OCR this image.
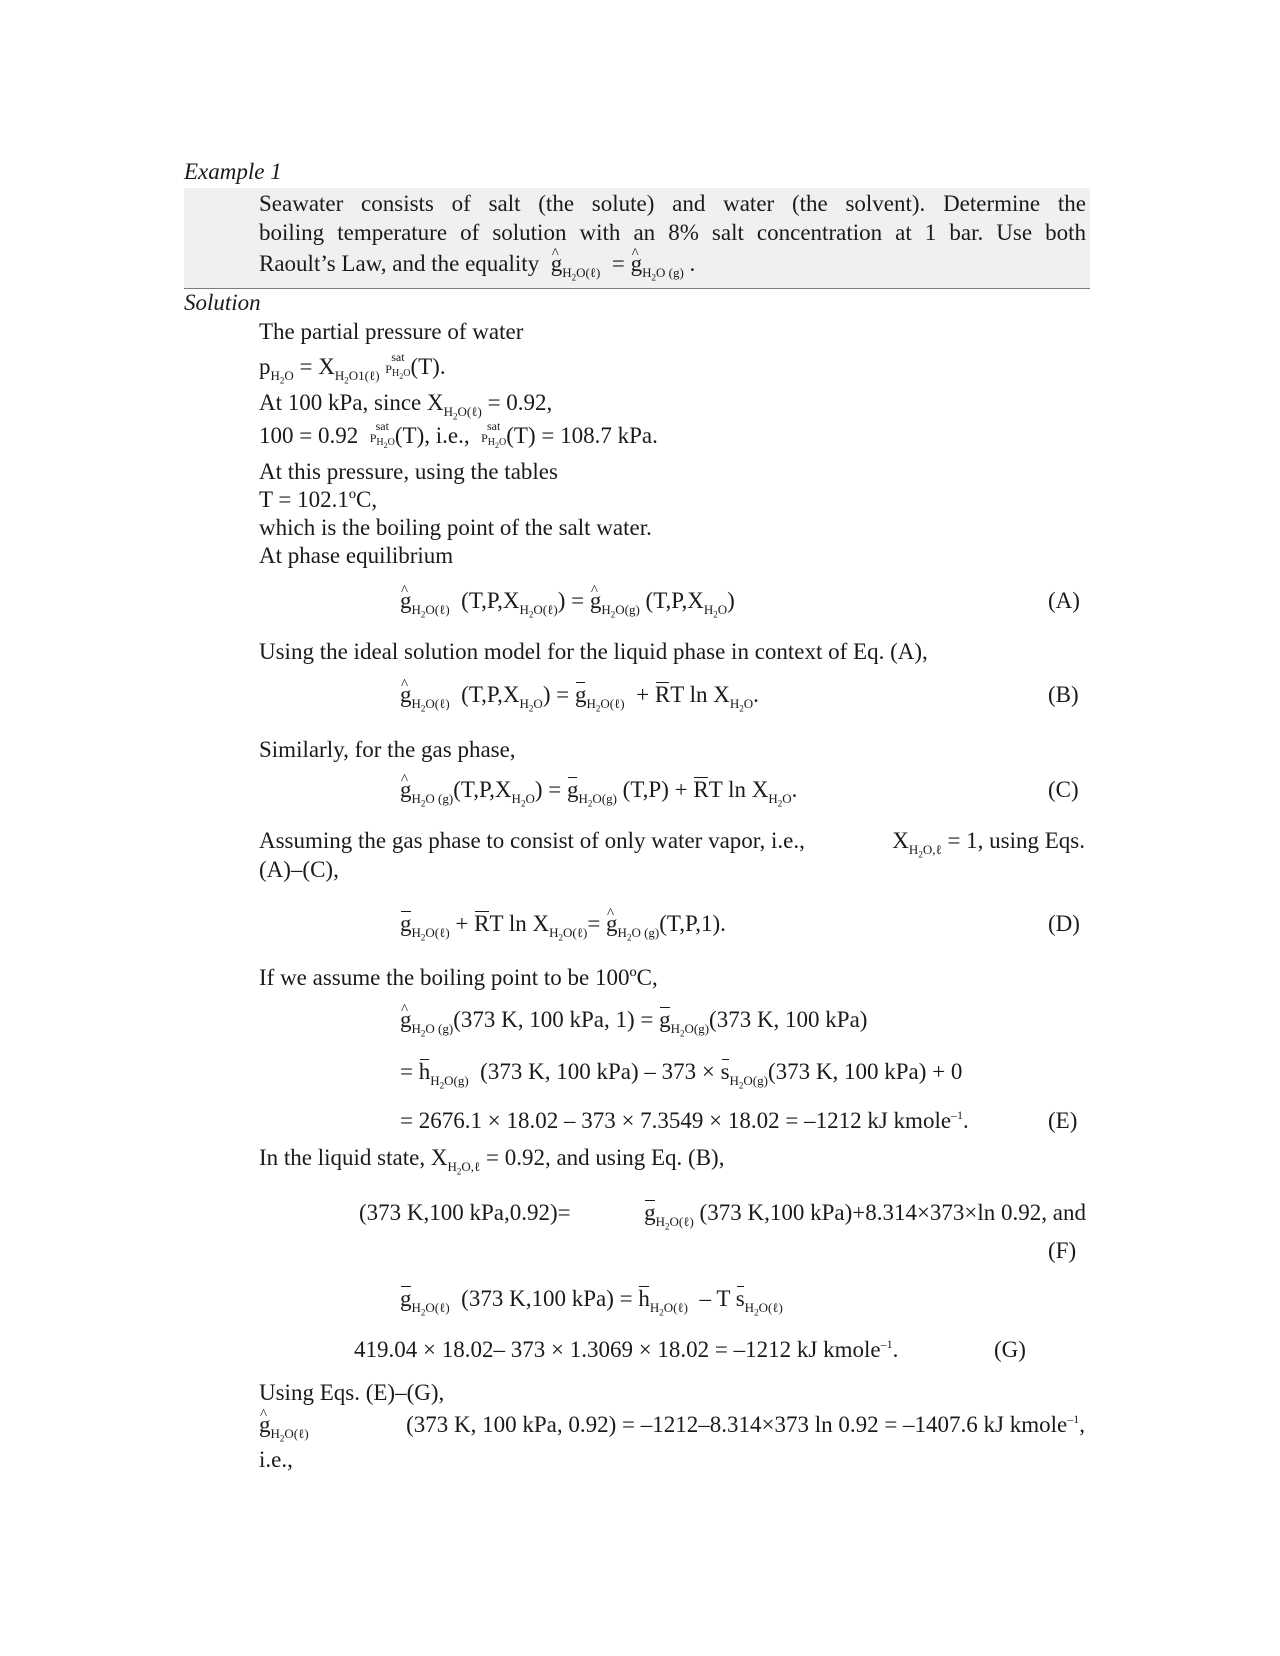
Example 1
Seawater consists of salt (the solute) and water (the solvent). Determine the
boiling temperature of solution with an 8% salt concentration at 1 bar. Use both
Raoult’s Law, and the equality  ^ $g_{H_2O(\ell)}$  = ^ $g_{H_2O (g)}$ .
Solution
The partial pressure of water
$p_{H_2O} = X_{H_2O1(\ell)}$
sat
$P_{H_2O}$ (T).
At 100 kPa, since $X_{H_2O(\ell)} = 0.92$,
100 = 0.92 sat
$P_{H_2O}$ (T), i.e., sat
$P_{H_2O}$ (T) = 108.7 kPa.
At this pressure, using the tables
T = 102.1ºC,
which is the boiling point of the salt water.
At phase equilibrium
^ $g_{H_2O(\ell)}$  $(T,P,X_{H_2O(\ell)})$ = ^ $g_{H_2O(g)}$ $(T,P,X_{H_2O})$	(A)
Using the ideal solution model for the liquid phase in context of Eq. (A),
^ $g_{H_2O(\ell)}$  $(T,P,X_{H_2O}) = g_{H_2O(\ell)}$  + RT $\ln X_{H_2O}$.	(B)
Similarly, for the gas phase,
^ $g_{H_2O (g)}(T,P,X_{H_2O}) = g_{H_2O(g)}$ (T,P) + RT $\ln X_{H_2O}$.	(C)
Assuming the gas phase to consist of only water vapor, i.e.,	$X_{H_2O,\ell} = 1$, using Eqs.
(A)–(C),
$g_{H_2O(\ell)}$ + RT $\ln X_{H_2O(\ell)}=$ ^ $g_{H_2O (g)}(T,P,1)$.	(D)
If we assume the boiling point to be 100ºC,
^ $g_{H_2O (g)}(373$ K, 100 kPa, $1) = g_{H_2O(g)}(373$ K, 100 kPa)
= $h_{H_2O(g)}$  (373 K, 100 $kPa) - 373 \times s_{H_2O(g)}(373$ K, 100 kPa) + 0
= 2676.1 × 18.02 – 373 × 7.3549 × 18.02 = –1212 kJ kmole$^{-1}$.	(E)
In the liquid state, $X_{H_2O,\ell} = 0.92$, and using Eq. (B),
(373 K,100 kPa,0.92)=	$g_{H_2O(\ell)}$ (373 K,100 kPa)+8.314×373×ln 0.92, and
(F)
$g_{H_2O(\ell)}$  (373 K,100 $kPa) = h_{H_2O(\ell)} - T$ $s_{H_2O(\ell)}$
419.04 × 18.02– 373 × 1.3069 × 18.02 = –1212 kJ kmole$^{-1}$.	(G)
Using Eqs. (E)–(G),
^ $g_{H_2O(\ell)}$	(373 K, 100 kPa, 0.92) = –1212–8.314×373 ln 0.92 = –1407.6 kJ kmole$^{-1}$,
i.e.,
